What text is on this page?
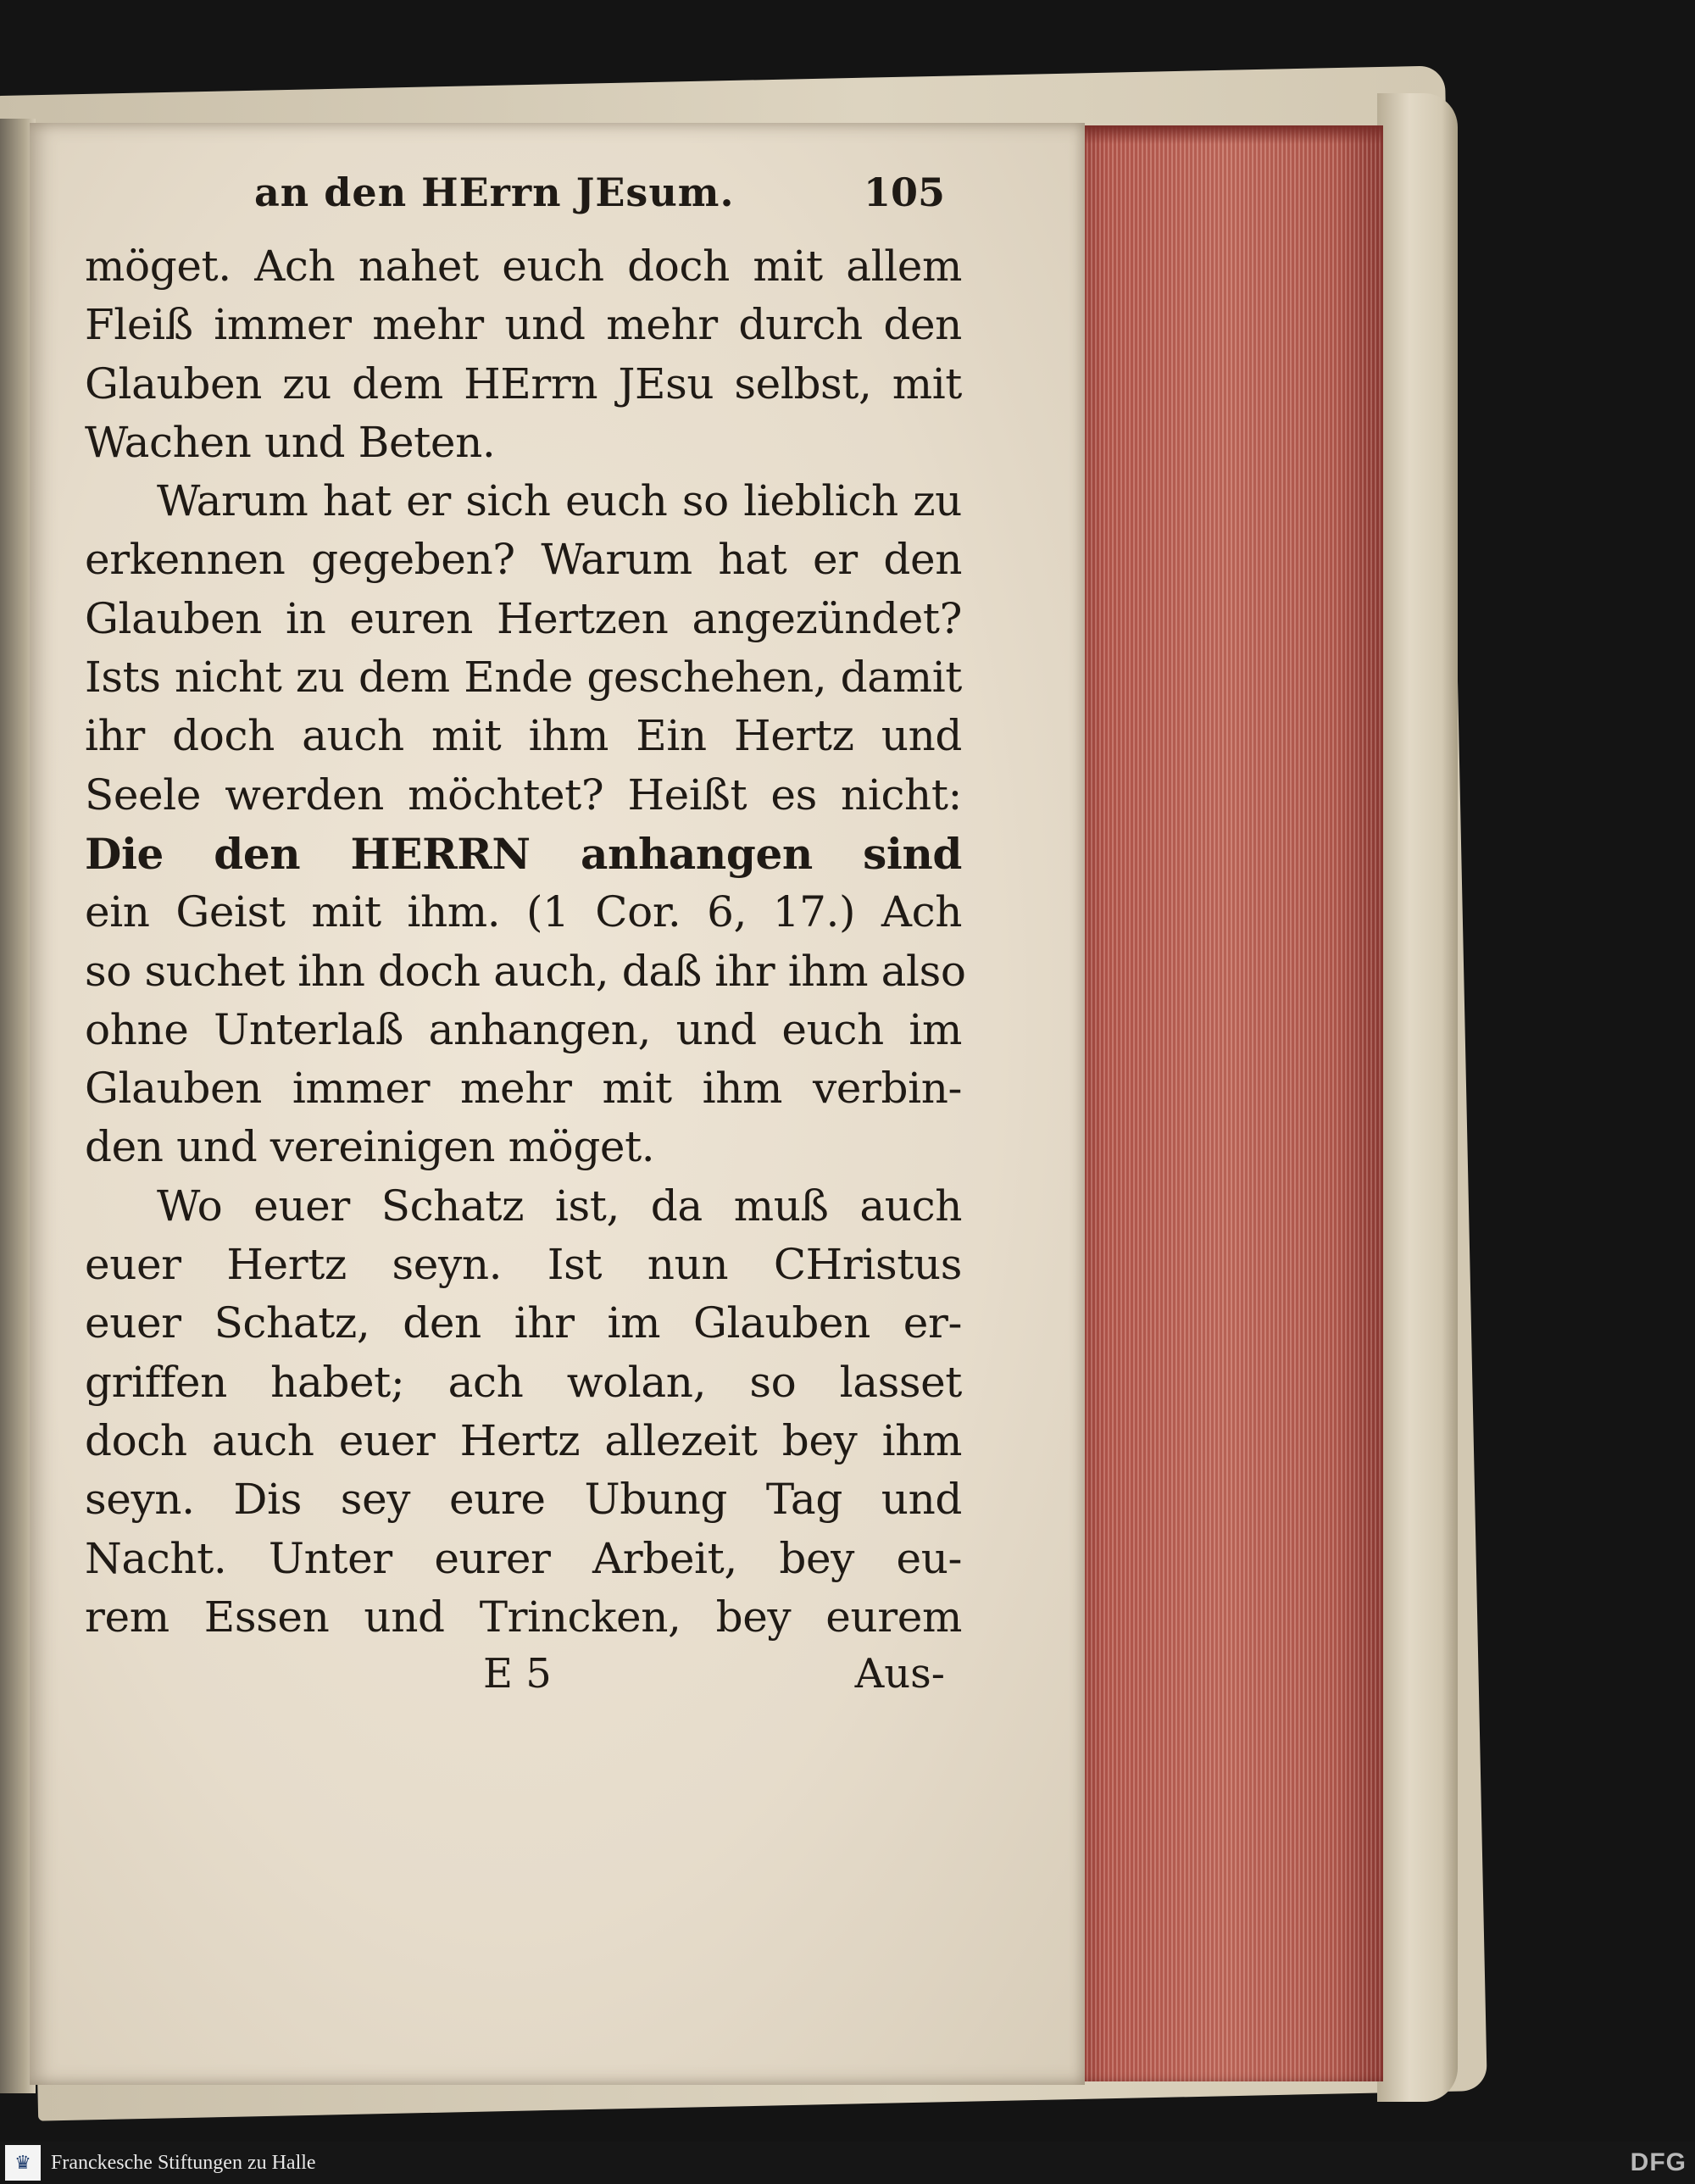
an den HErrn JEsum.	105
möget. Ach nahet euch doch mit allem
Fleiß immer mehr und mehr durch den
Glauben zu dem HErrn JEsu selbst, mit
Wachen und Beten.
Warum hat er sich euch so lieblich zu
erkennen gegeben? Warum hat er den
Glauben in euren Hertzen angezündet?
Ists nicht zu dem Ende geschehen, damit
ihr doch auch mit ihm Ein Hertz und
Seele werden möchtet? Heißt es nicht:
Die den HERRN anhangen sind
ein Geist mit ihm. (1 Cor. 6, 17.) Ach
so suchet ihn doch auch, daß ihr ihm also
ohne Unterlaß anhangen, und euch im
Glauben immer mehr mit ihm verbin-
den und vereinigen möget.
Wo euer Schatz ist, da muß auch
euer Hertz seyn. Ist nun CHristus
euer Schatz, den ihr im Glauben er-
griffen habet; ach wolan, so lasset
doch auch euer Hertz allezeit bey ihm
seyn. Dis sey eure Ubung Tag und
Nacht. Unter eurer Arbeit, bey eu-
rem Essen und Trincken, bey eurem
E 5	Aus-
♛ Franckesche Stiftungen zu Halle	DFG
